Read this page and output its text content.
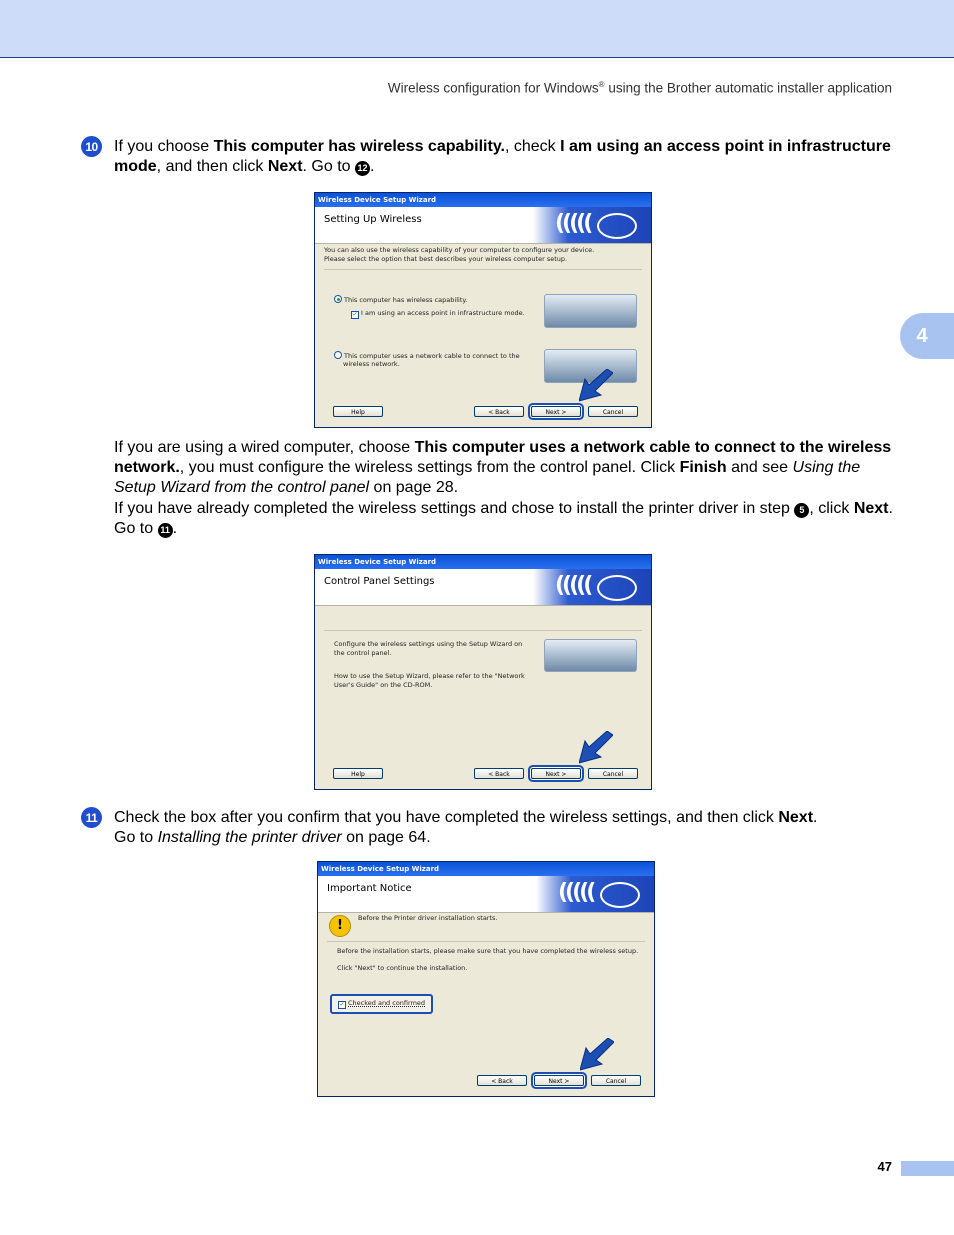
Wireless configuration for Windows® using the Brother automatic installer application
4
10 If you choose This computer has wireless capability., check I am using an access point in infrastructure mode, and then click Next. Go to 12 .
Wireless Device Setup Wizard
Setting Up Wireless	(((((
You can also use the wireless capability of your computer to configure your device.
Please select the option that best describes your wireless computer setup.
This computer has wireless capability.
✓ I am using an access point in infrastructure mode.
This computer uses a network cable to connect to the
wireless network.
Help	< Back	Next >	Cancel
If you are using a wired computer, choose This computer uses a network cable to connect to the wireless network., you must configure the wireless settings from the control panel. Click Finish and see Using the Setup Wizard from the control panel on page 28.
If you have already completed the wireless settings and chose to install the printer driver in step 5 , click Next. Go to 11 .
Wireless Device Setup Wizard
Control Panel Settings	(((((
Configure the wireless settings using the Setup Wizard on
the control panel.
How to use the Setup Wizard, please refer to the "Network
User's Guide" on the CD-ROM.
Help	< Back	Next >	Cancel
11 Check the box after you confirm that you have completed the wireless settings, and then click Next.
Go to Installing the printer driver on page 64.
Wireless Device Setup Wizard
Important Notice	(((((
!	Before the Printer driver installation starts.
Before the installation starts, please make sure that you have completed the wireless setup.
Click "Next" to continue the installation.
✓ Checked and confirmed
< Back	Next >	Cancel
47
